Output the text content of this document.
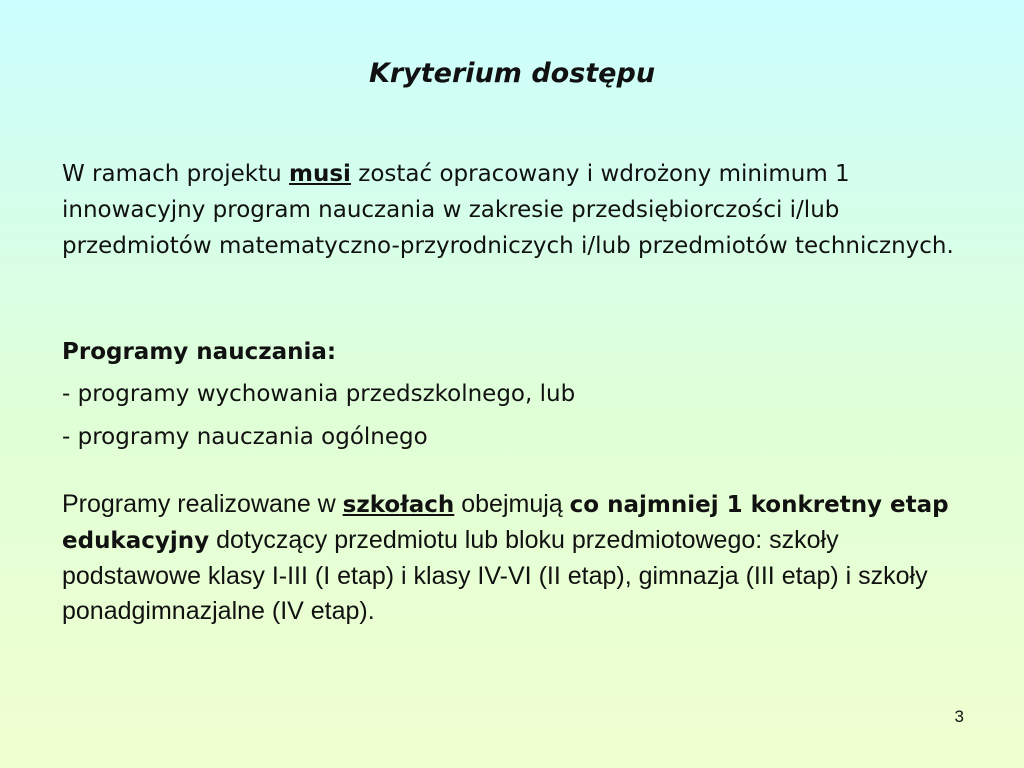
Kryterium dostępu

W ramach projektu musi zostać opracowany i wdrożony minimum 1 innowacyjny program nauczania w zakresie przedsiębiorczości i/lub przedmiotów matematyczno-przyrodniczych i/lub przedmiotów technicznych.

Programy nauczania:

- programy wychowania przedszkolnego, lub

- programy nauczania ogólnego

Programy realizowane w szkołach obejmują co najmniej 1 konkretny etap edukacyjny dotyczący przedmiotu lub bloku przedmiotowego: szkoły podstawowe klasy I-III (I etap) i klasy IV-VI (II etap), gimnazja (III etap) i szkoły ponadgimnazjalne (IV etap).

3
